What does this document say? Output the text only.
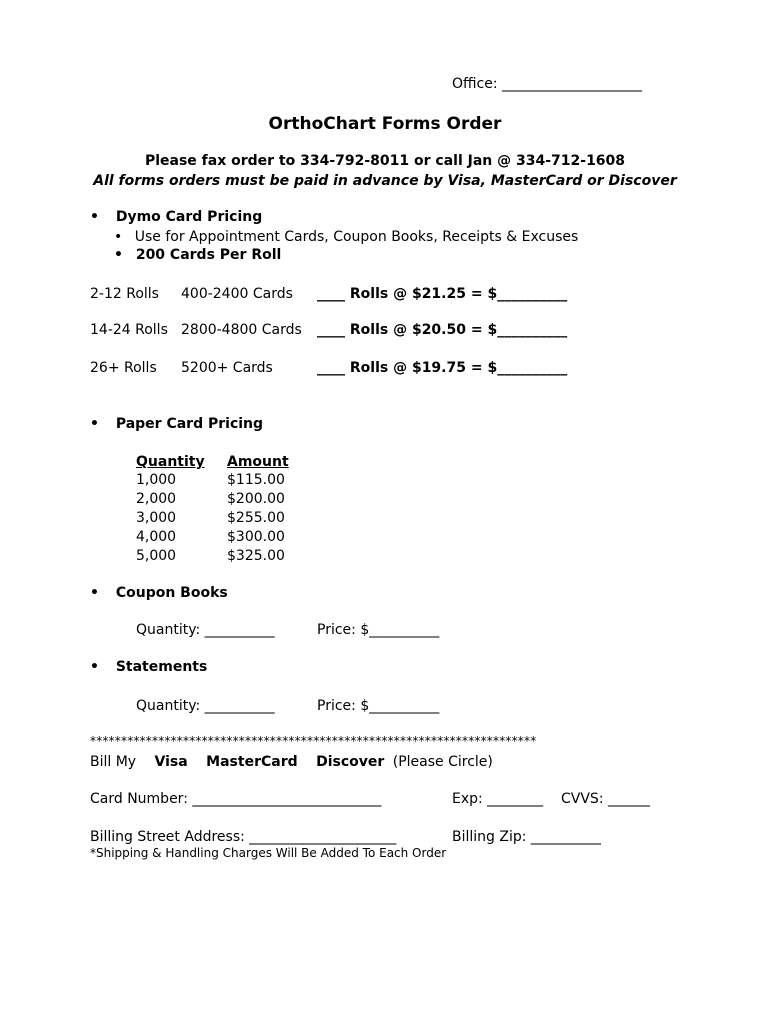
Office: ____________________
OrthoChart Forms Order
Please fax order to 334-792-8011 or call Jan @ 334-712-1608
All forms orders must be paid in advance by Visa, MasterCard or Discover
• Dymo Card Pricing
• Use for Appointment Cards, Coupon Books, Receipts & Excuses
• 200 Cards Per Roll
2-12 Rolls 400-2400 Cards ____ Rolls @ $21.25 = $__________
14-24 Rolls 2800-4800 Cards ____ Rolls @ $20.50 = $__________
26+ Rolls 5200+ Cards	____ Rolls @ $19.75 = $__________
• Paper Card Pricing
Quantity Amount
1,000	$115.00
2,000	$200.00
3,000	$255.00
4,000	$300.00
5,000	$325.00
• Coupon Books
Quantity: __________	Price: $__________
• Statements
Quantity: __________	Price: $__________
************************************************************************
Bill My Visa MasterCard Discover (Please Circle)
Card Number: ___________________________	Exp: ________ CVVS: ______
Billing Street Address: _____________________	Billing Zip: __________
*Shipping & Handling Charges Will Be Added To Each Order
